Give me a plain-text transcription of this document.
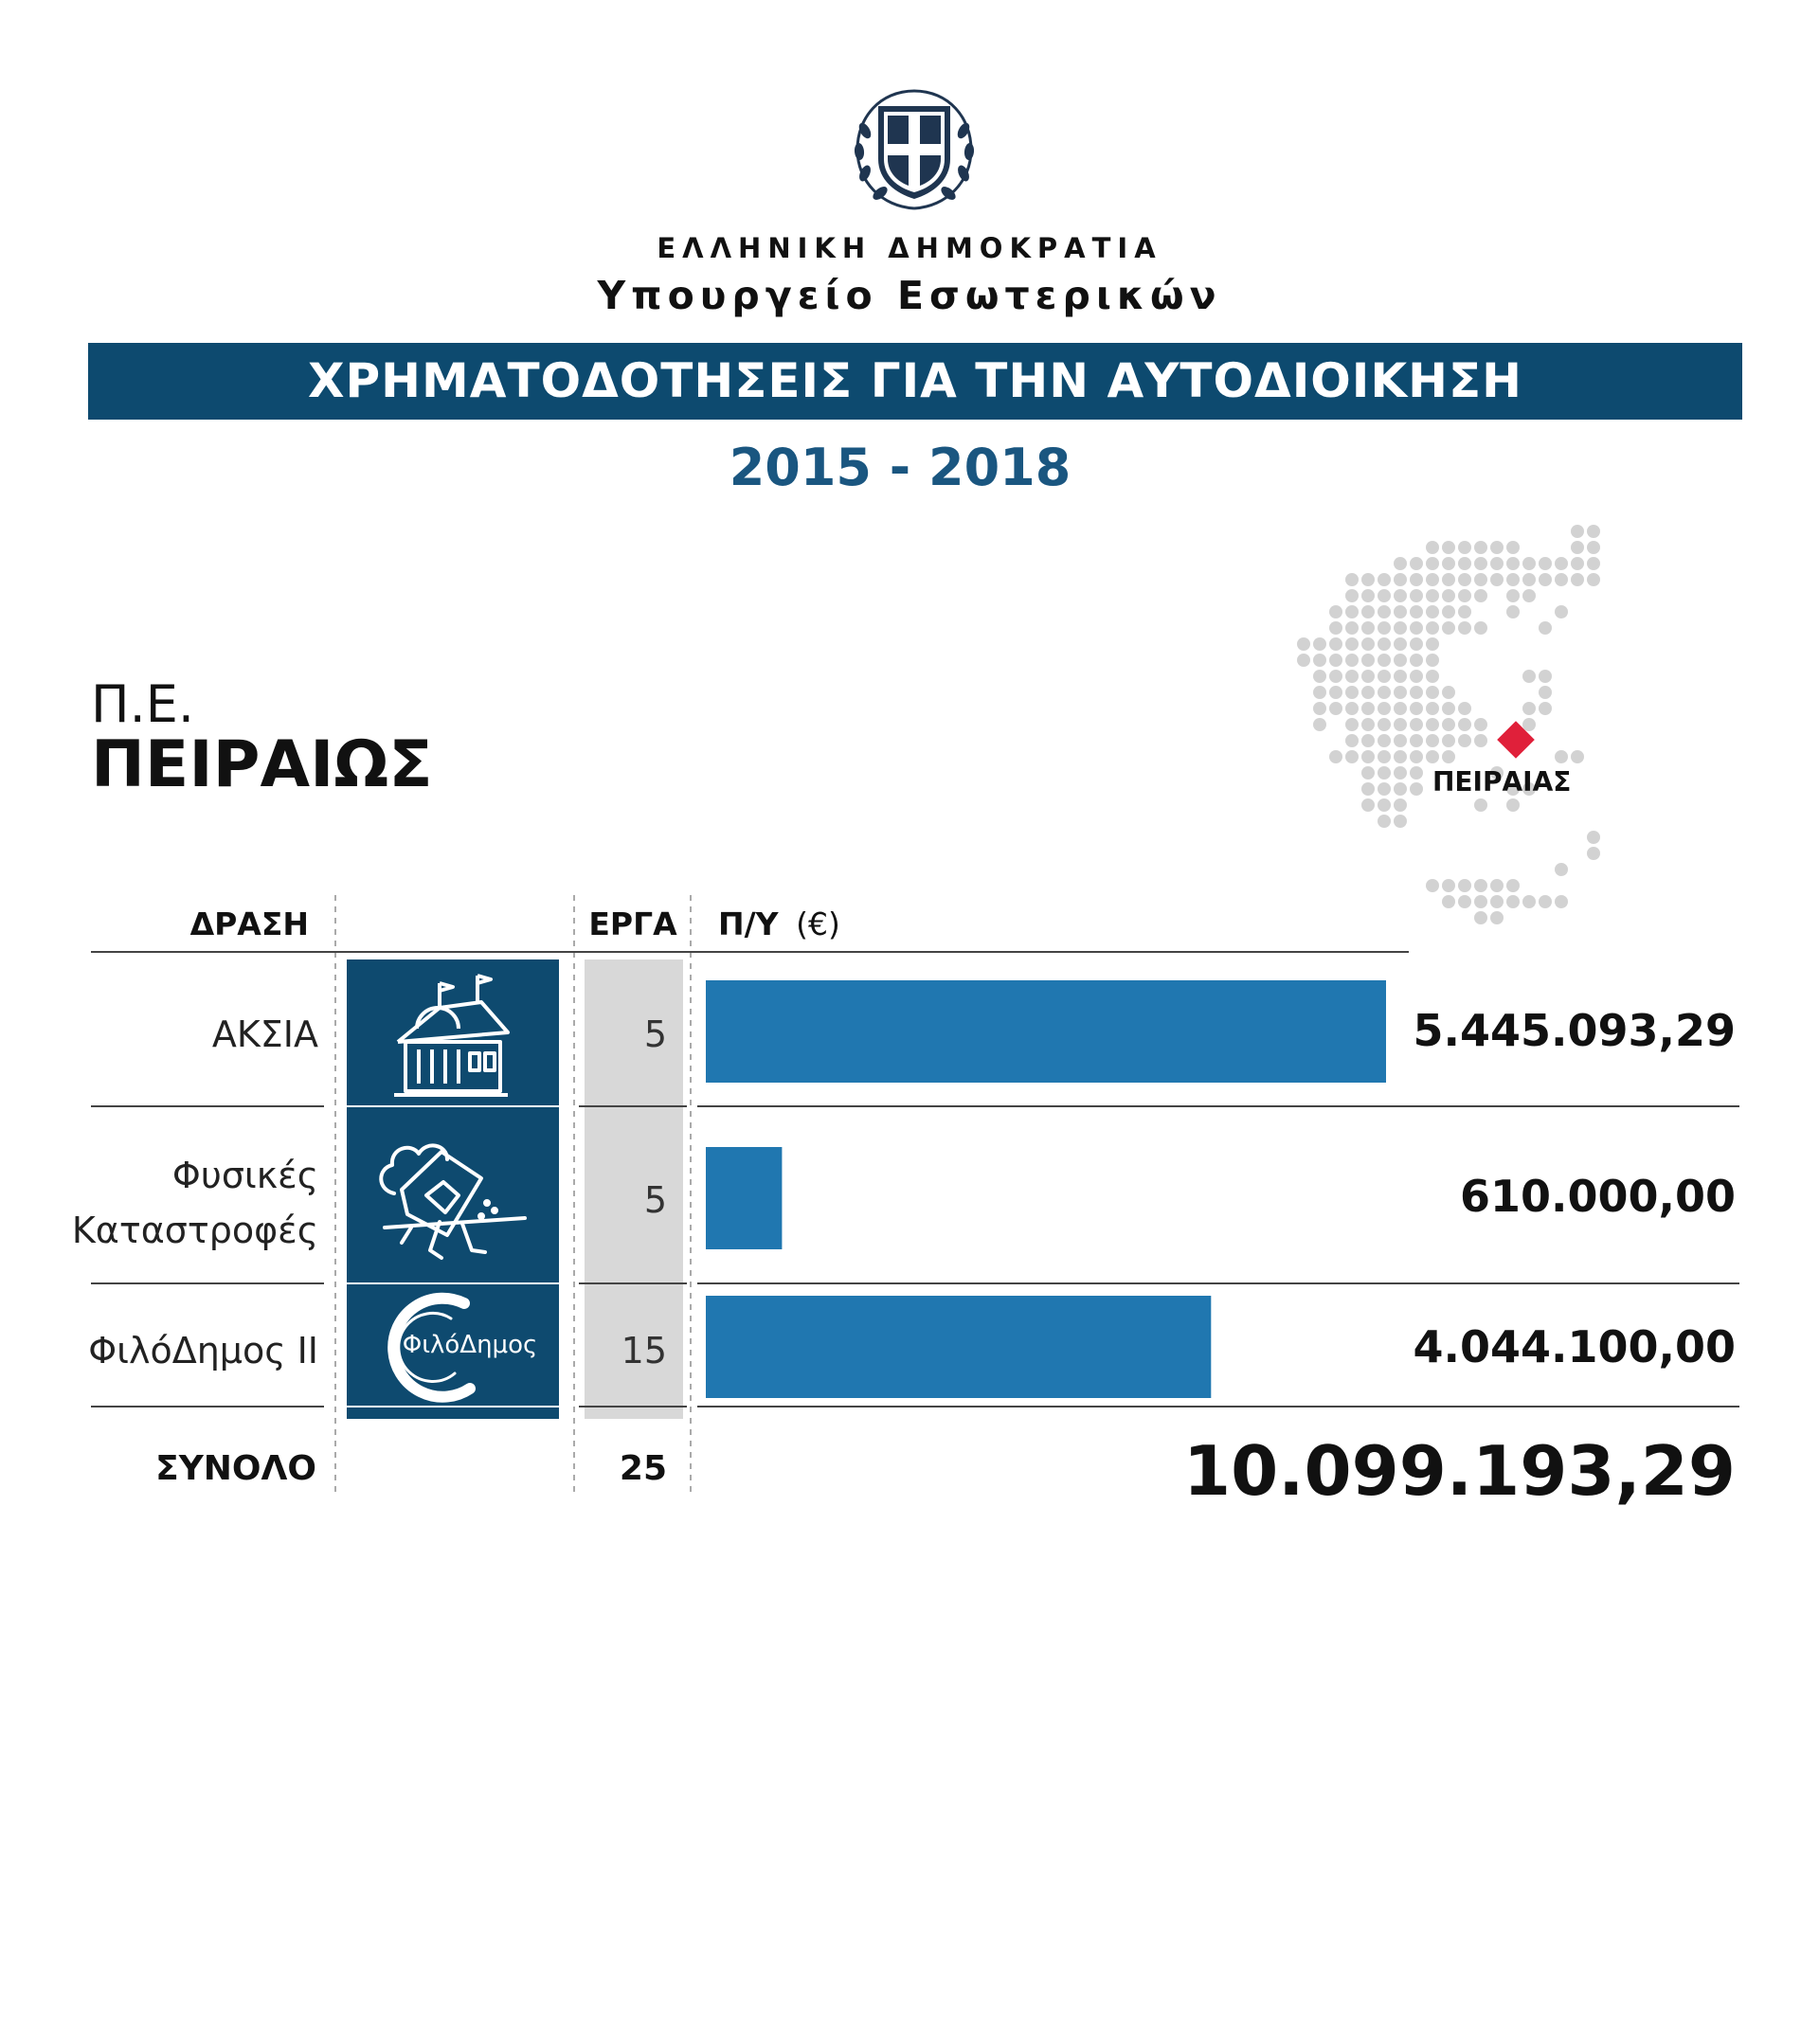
ΕΛΛΗΝΙΚΗ ΔΗΜΟΚΡΑΤΙΑ
Υπουργείο Εσωτερικών
ΧΡΗΜΑΤΟΔΟΤΗΣΕΙΣ ΓΙΑ ΤΗΝ ΑΥΤΟΔΙΟΙΚΗΣΗ
2015 - 2018
Π.Ε.
ΠΕΙΡΑΙΩΣ	ΠΕΙΡΑΙΑΣ
ΔΡΑΣΗ	ΕΡΓΑ Π/Υ (€)
ΑΚΣΙΑ	5	5.445.093,29
Φυσικές
Καταστροφές
5	610.000,00
ΦιλόΔημος ΙΙ	ΦιλόΔημος 15	4.044.100,00
ΣΥΝΟΛΟ	25	10.099.193,29
